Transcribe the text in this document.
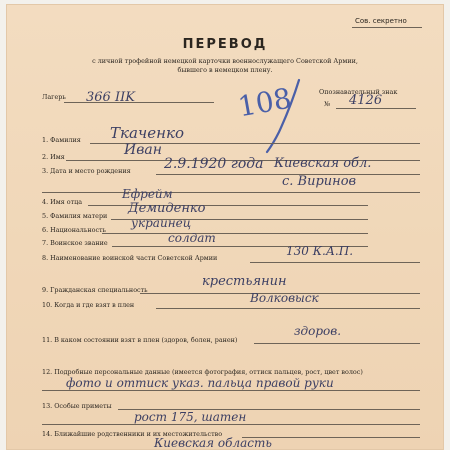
Сов. секретно
ПЕРЕВОД
с личной трофейной немецкой карточки военнослужащего Советской Армии,
бывшего в немецком плену.
Лагерь 366 IIK	108	Опознавательный знак
№ 4126
1. Фамилия Ткаченко
2. Имя	Иван
3. Дата и место рождения 2.9.1920 года Киевская обл.
с. Виринов
4. Имя отца
Ефрейм
5. Фамилия матери Демиденко
6. Национальность украинец
7. Воинское звание	солдат
8. Наименование воинской части Советской Армии	130 К.А.П.
9. Гражданская специальность
крестьянин
10. Когда и где взят в плен	Волковыск
11. В каком состоянии взят в плен (здоров, болен, ранен)
здоров.
12. Подробные персональные данные (имеется фотография, оттиск пальцев, рост, цвет волос)
фото и оттиск указ. пальца правой руки
13. Особые приметы
рост 175, шатен
14. Ближайшие родственники и их местожительство
Киевская область
